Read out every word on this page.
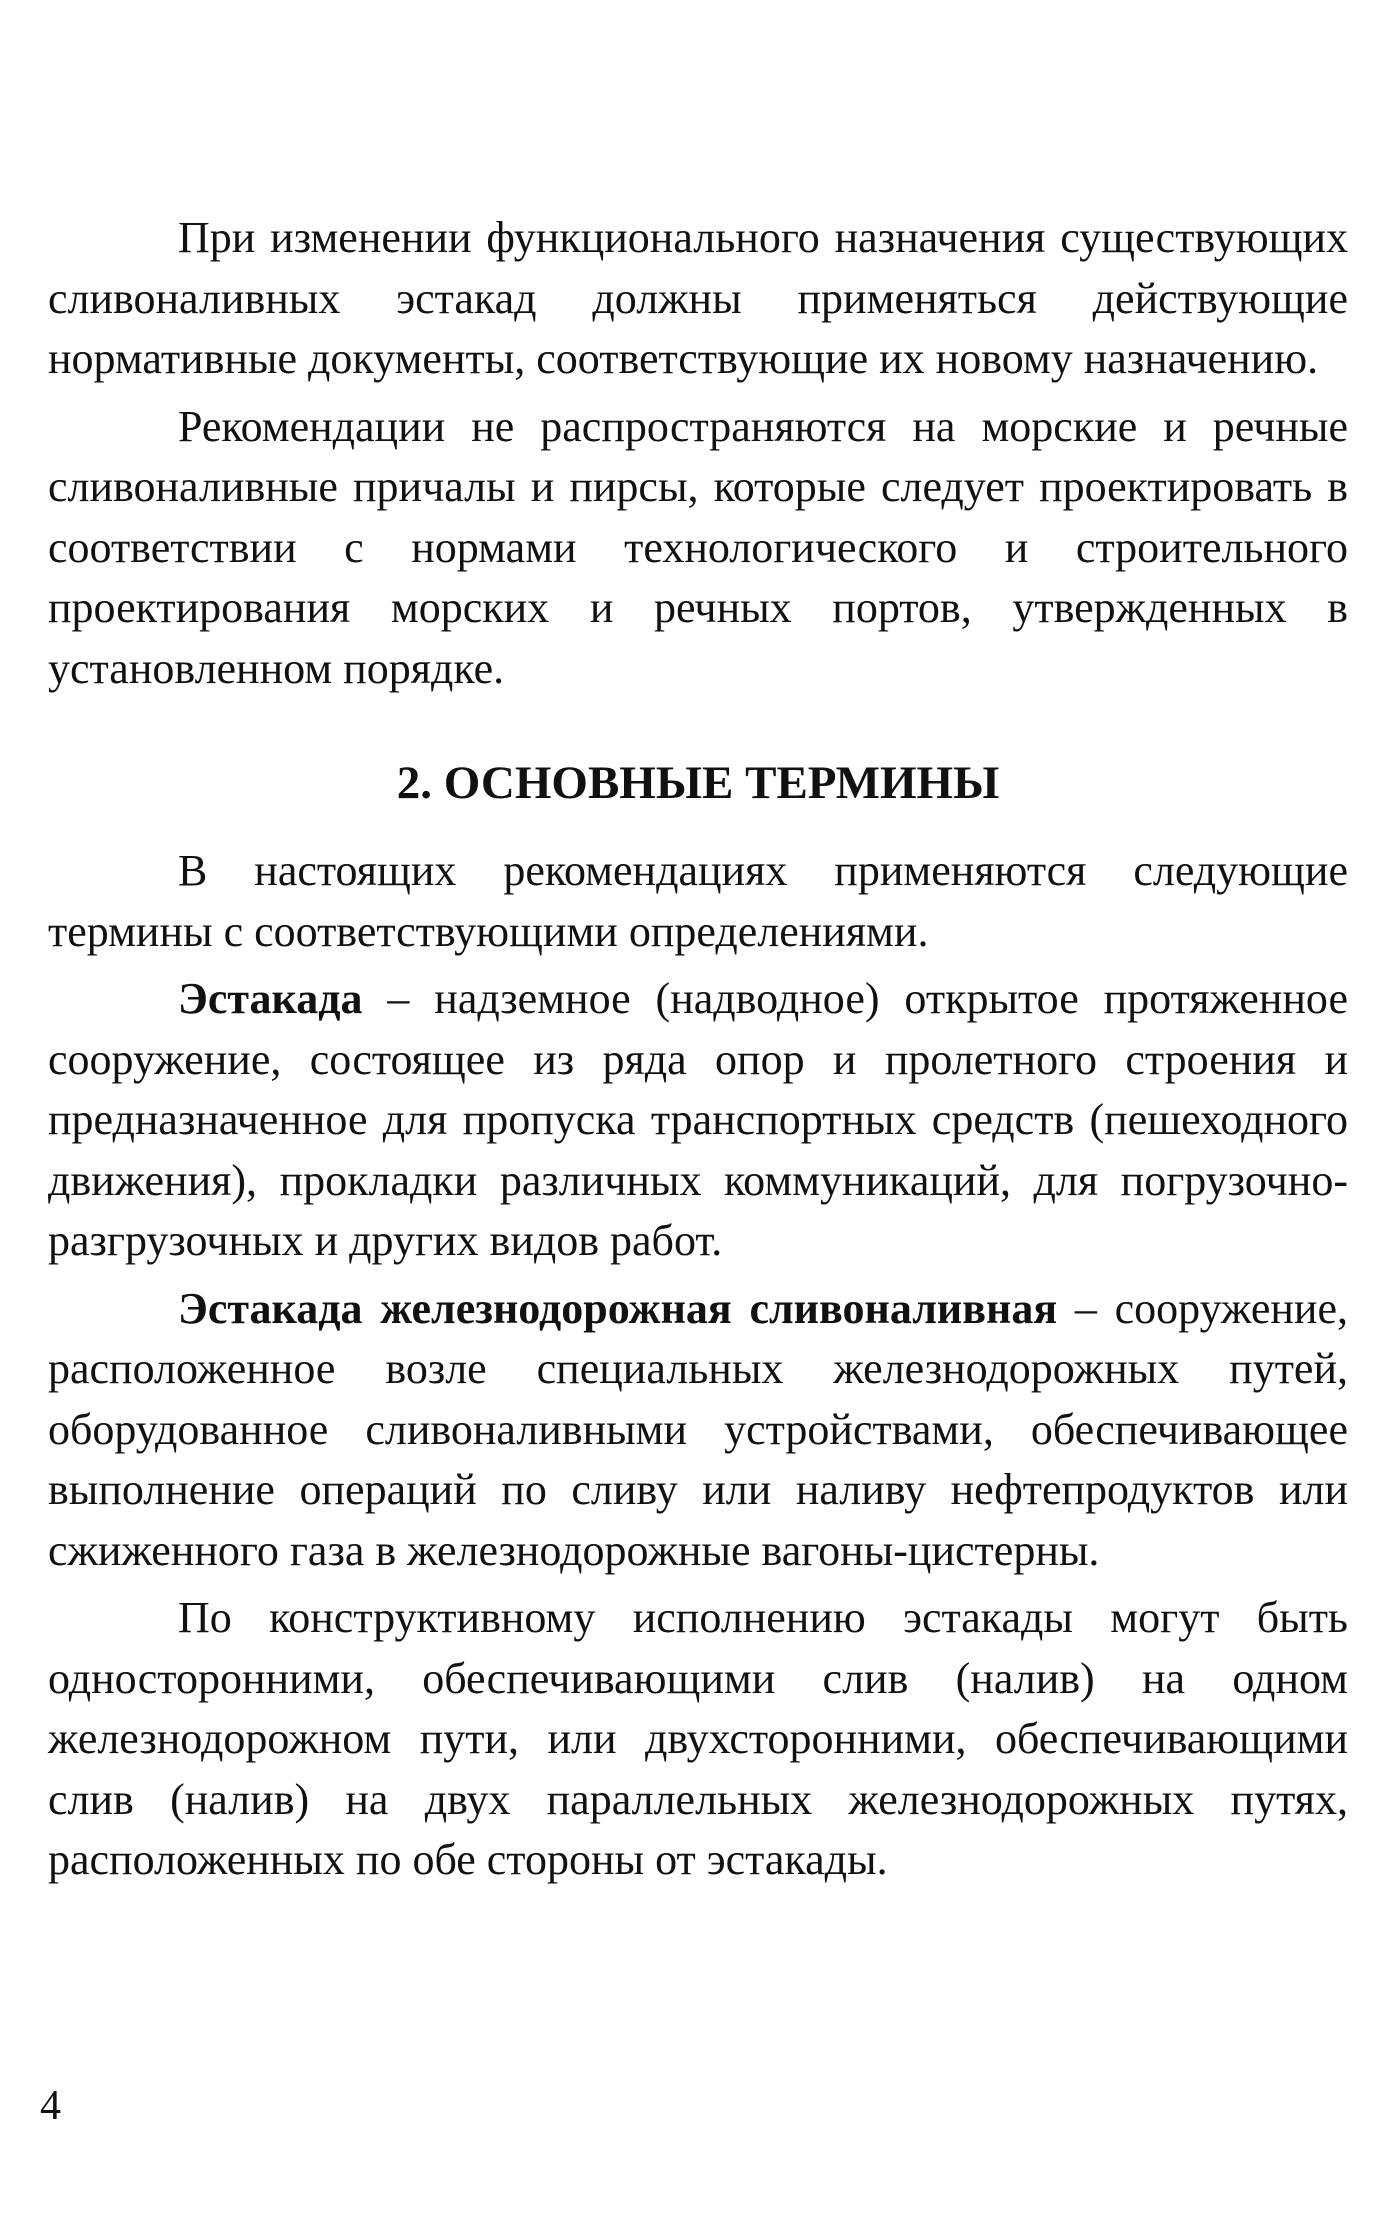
При изменении функционального назначения существующих сливоналивных эстакад должны применяться действующие нормативные документы, соответствующие их новому назначению.

Рекомендации не распространяются на морские и речные сливоналивные причалы и пирсы, которые следует проектировать в соответствии с нормами технологического и строительного проектирования морских и речных портов, утвержденных в установленном порядке.

2. ОСНОВНЫЕ ТЕРМИНЫ

В настоящих рекомендациях применяются следующие термины с соответствующими определениями.

Эстакада – надземное (надводное) открытое протяженное сооружение, состоящее из ряда опор и пролетного строения и предназначенное для пропуска транспортных средств (пешеходного движения), прокладки различных коммуникаций, для погрузочно-разгрузочных и других видов работ.

Эстакада железнодорожная сливоналивная – сооружение, расположенное возле специальных железнодорожных путей, оборудованное сливоналивными устройствами, обеспечивающее выполнение операций по сливу или наливу нефтепродуктов или сжиженного газа в железнодорожные вагоны-цистерны.

По конструктивному исполнению эстакады могут быть односторонними, обеспечивающими слив (налив) на одном железнодорожном пути, или двухсторонними, обеспечивающими слив (налив) на двух параллельных железнодорожных путях, расположенных по обе стороны от эстакады.

4
